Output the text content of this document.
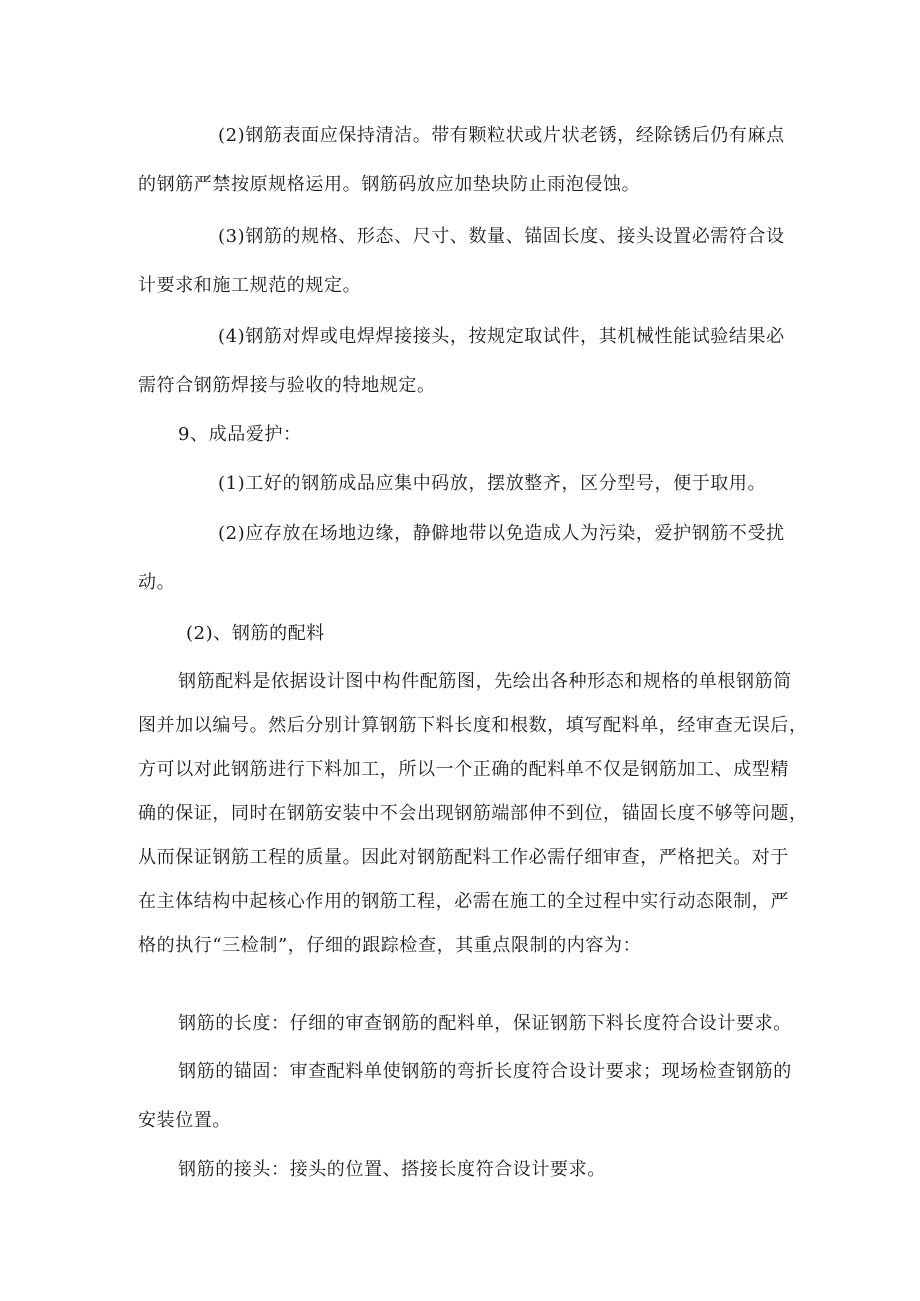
(2)钢筋表面应保持清洁。带有颗粒状或片状老锈，经除锈后仍有麻点
的钢筋严禁按原规格运用。钢筋码放应加垫块防止雨泡侵蚀。
(3)钢筋的规格、形态、尺寸、数量、锚固长度、接头设置必需符合设
计要求和施工规范的规定。
(4)钢筋对焊或电焊焊接接头，按规定取试件，其机械性能试验结果必
需符合钢筋焊接与验收的特地规定。
9、成品爱护：
(1)工好的钢筋成品应集中码放，摆放整齐，区分型号，便于取用。
(2)应存放在场地边缘，静僻地带以免造成人为污染，爱护钢筋不受扰
动。
(2)、钢筋的配料
钢筋配料是依据设计图中构件配筋图，先绘出各种形态和规格的单根钢筋简
图并加以编号。然后分别计算钢筋下料长度和根数，填写配料单，经审查无误后，
方可以对此钢筋进行下料加工，所以一个正确的配料单不仅是钢筋加工、成型精
确的保证，同时在钢筋安装中不会出现钢筋端部伸不到位，锚固长度不够等问题，
从而保证钢筋工程的质量。因此对钢筋配料工作必需仔细审查，严格把关。对于
在主体结构中起核心作用的钢筋工程，必需在施工的全过程中实行动态限制，严
格的执行“三检制”，仔细的跟踪检查，其重点限制的内容为：
钢筋的长度：仔细的审查钢筋的配料单，保证钢筋下料长度符合设计要求。
钢筋的锚固：审查配料单使钢筋的弯折长度符合设计要求；现场检查钢筋的
安装位置。
钢筋的接头：接头的位置、搭接长度符合设计要求。
